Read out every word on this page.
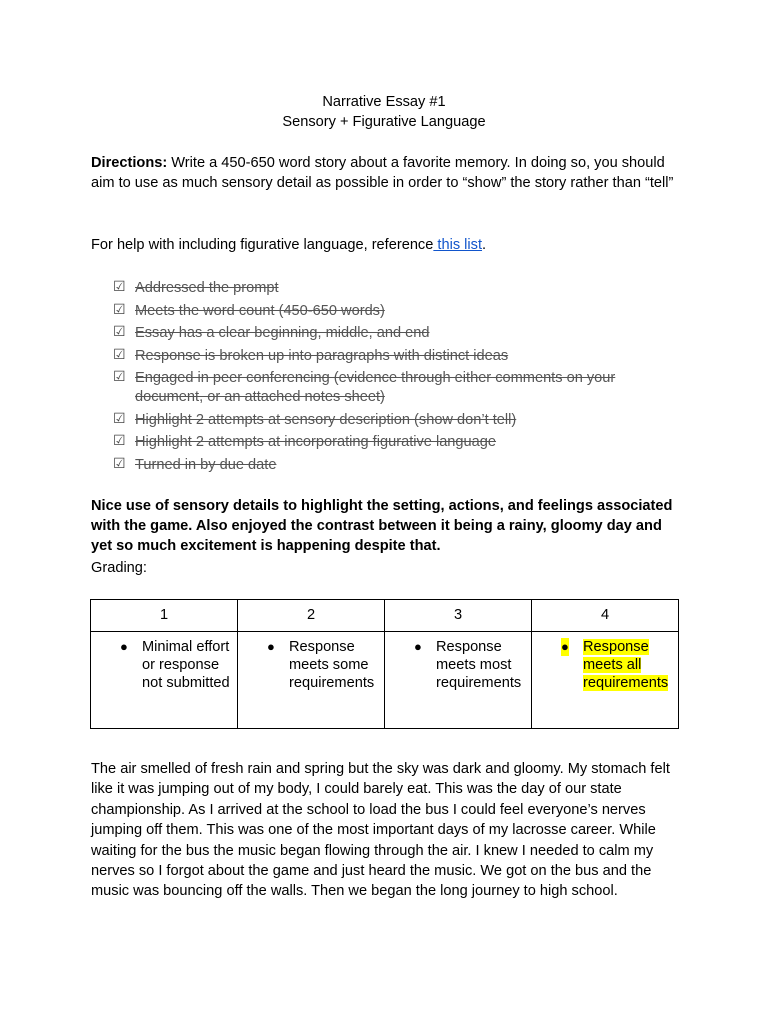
Narrative Essay #1
Sensory + Figurative Language
Directions: Write a 450-650 word story about a favorite memory. In doing so, you should aim to use as much sensory detail as possible in order to “show” the story rather than “tell”
For help with including figurative language, reference this list.
☑ Addressed the prompt
☑ Meets the word count (450-650 words)
☑ Essay has a clear beginning, middle, and end
☑ Response is broken up into paragraphs with distinct ideas
☑ Engaged in peer conferencing (evidence through either comments on your document, or an attached notes sheet)
☑ Highlight 2 attempts at sensory description (show don’t tell)
☑ Highlight 2 attempts at incorporating figurative language
☑ Turned in by due date
Nice use of sensory details to highlight the setting, actions, and feelings associated with the game. Also enjoyed the contrast between it being a rainy, gloomy day and yet so much excitement is happening despite that.
Grading:
1	2	3	4

● Minimal effort or response not submitted	● Response meets some requirements	● Response meets most requirements	● Response meets all requirements
The air smelled of fresh rain and spring but the sky was dark and gloomy. My stomach felt like it was jumping out of my body, I could barely eat. This was the day of our state championship. As I arrived at the school to load the bus I could feel everyone’s nerves jumping off them. This was one of the most important days of my lacrosse career. While waiting for the bus the music began flowing through the air. I knew I needed to calm my nerves so I forgot about the game and just heard the music. We got on the bus and the music was bouncing off the walls. Then we began the long journey to high school.
